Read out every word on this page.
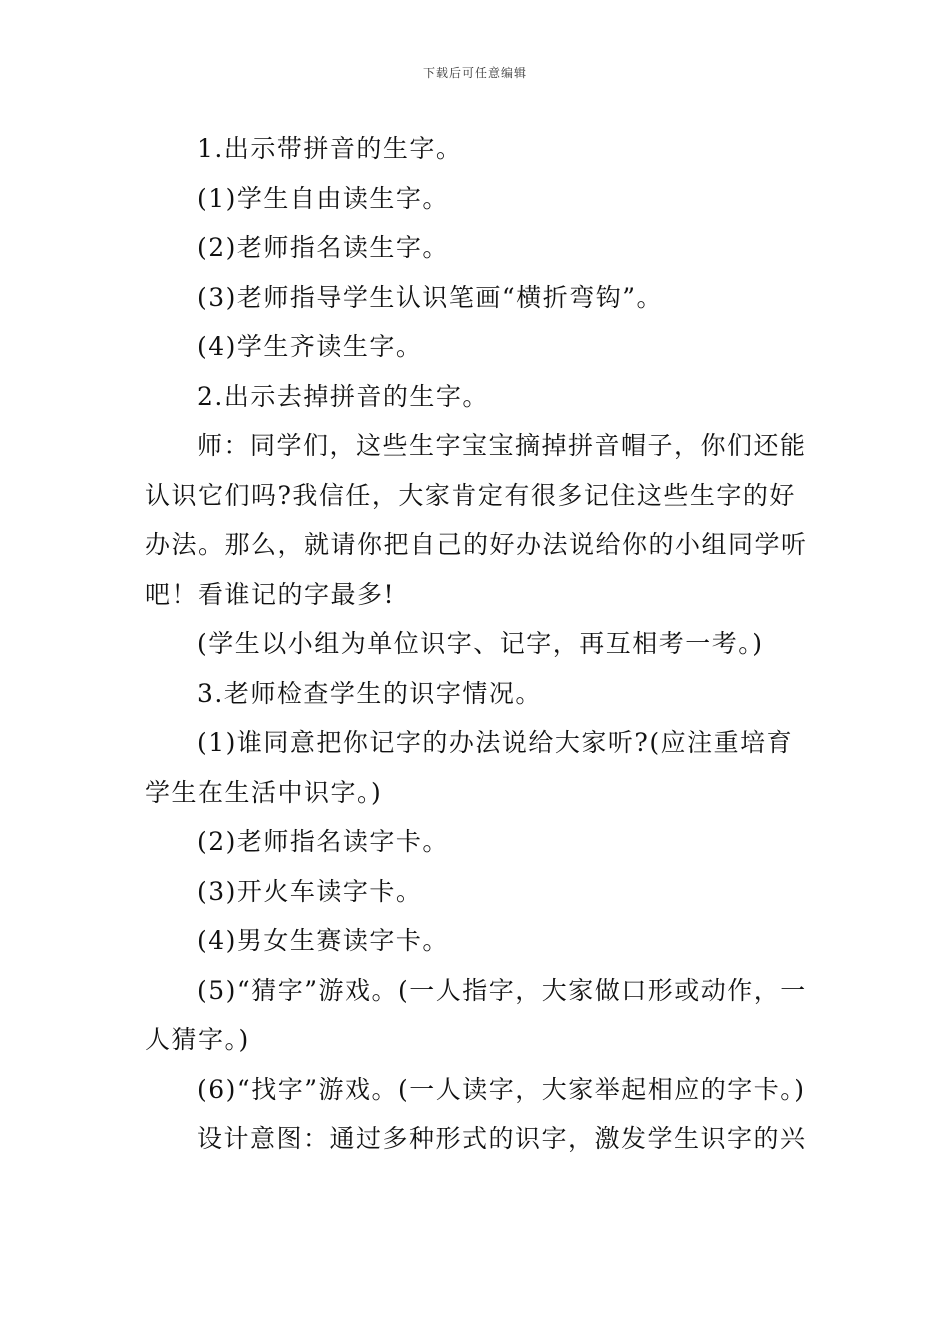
下载后可任意编辑

1.出示带拼音的生字。

(1)学生自由读生字。

(2)老师指名读生字。

(3)老师指导学生认识笔画“横折弯钩”。

(4)学生齐读生字。

2.出示去掉拼音的生字。

师：同学们，这些生字宝宝摘掉拼音帽子，你们还能认识它们吗?我信任，大家肯定有很多记住这些生字的好办法。那么，就请你把自己的好办法说给你的小组同学听吧！看谁记的字最多!

(学生以小组为单位识字、记字，再互相考一考。)

3.老师检查学生的识字情况。

(1)谁同意把你记字的办法说给大家听?(应注重培育学生在生活中识字。)

(2)老师指名读字卡。

(3)开火车读字卡。

(4)男女生赛读字卡。

(5)“猜字”游戏。(一人指字，大家做口形或动作，一人猜字。)

(6)“找字”游戏。(一人读字，大家举起相应的字卡。)

设计意图：通过多种形式的识字，激发学生识字的兴
